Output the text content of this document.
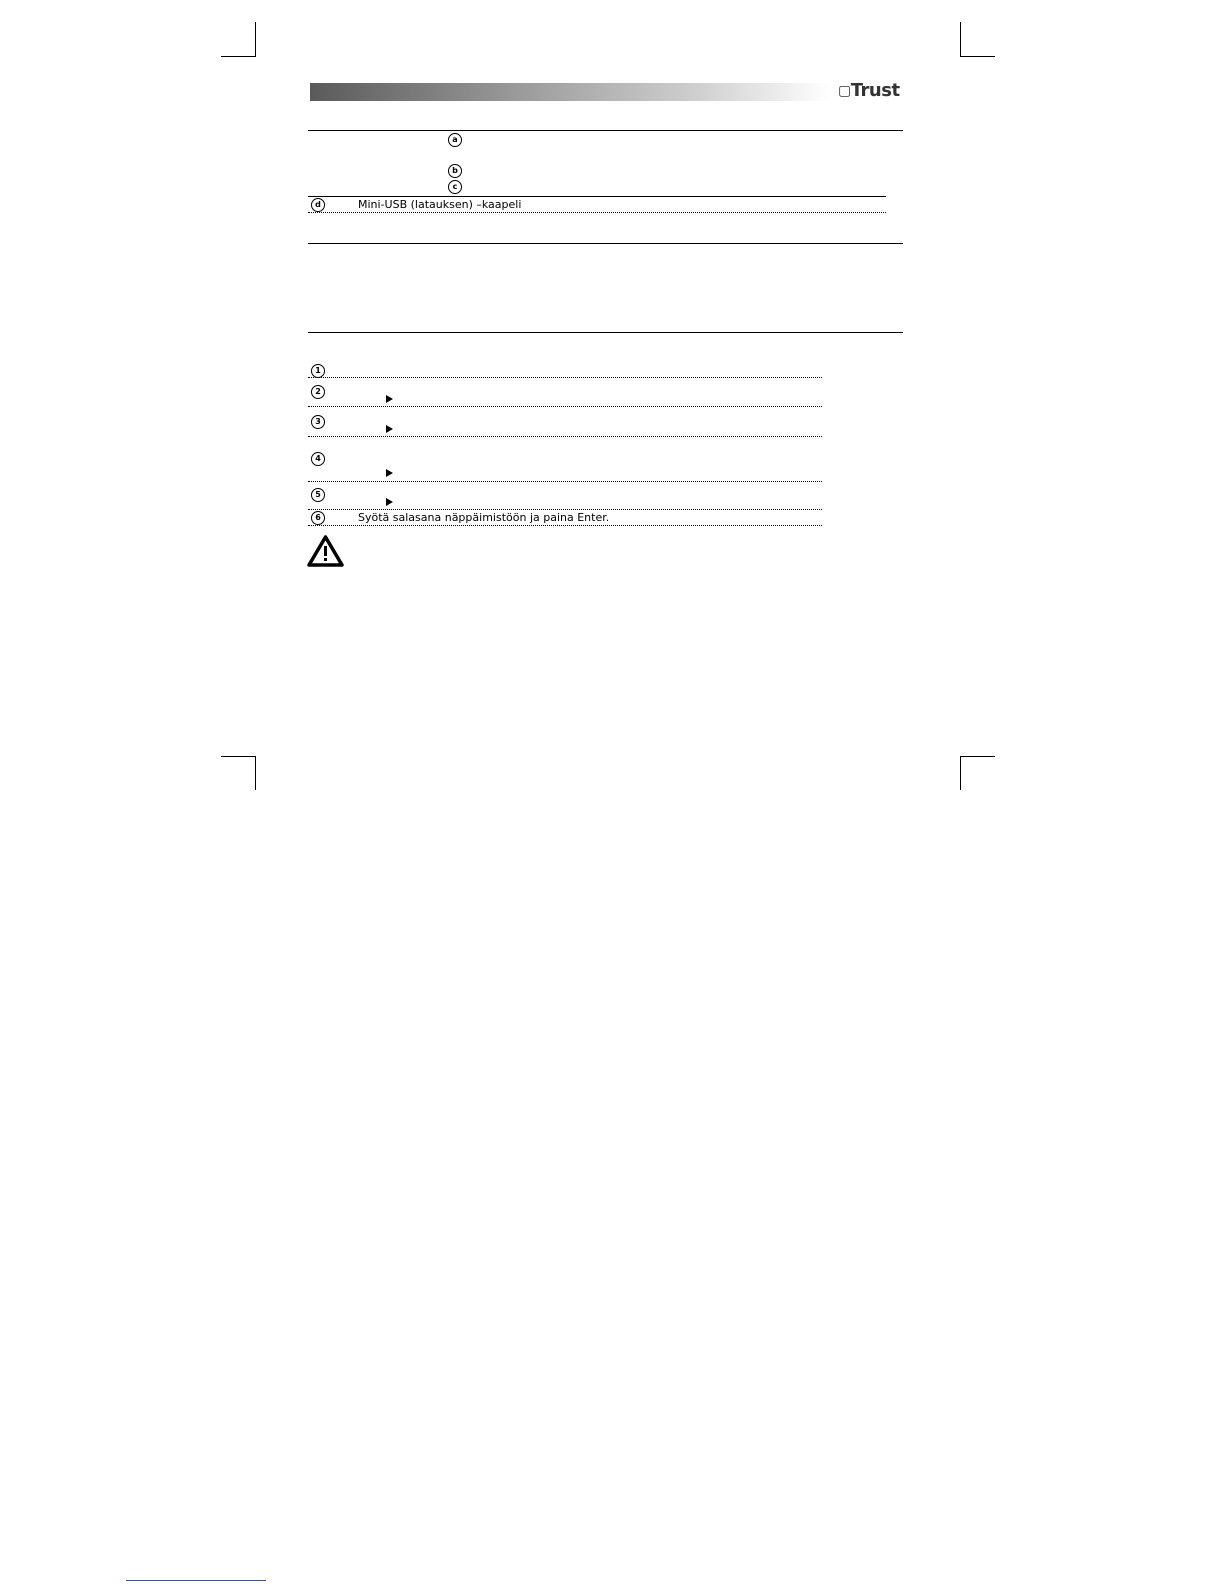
▢Trust
a
b
c
d	Mini-USB (latauksen) –kaapeli
1
2
3
4
5
6	Syötä salasana näppäimistöön ja paina Enter.
